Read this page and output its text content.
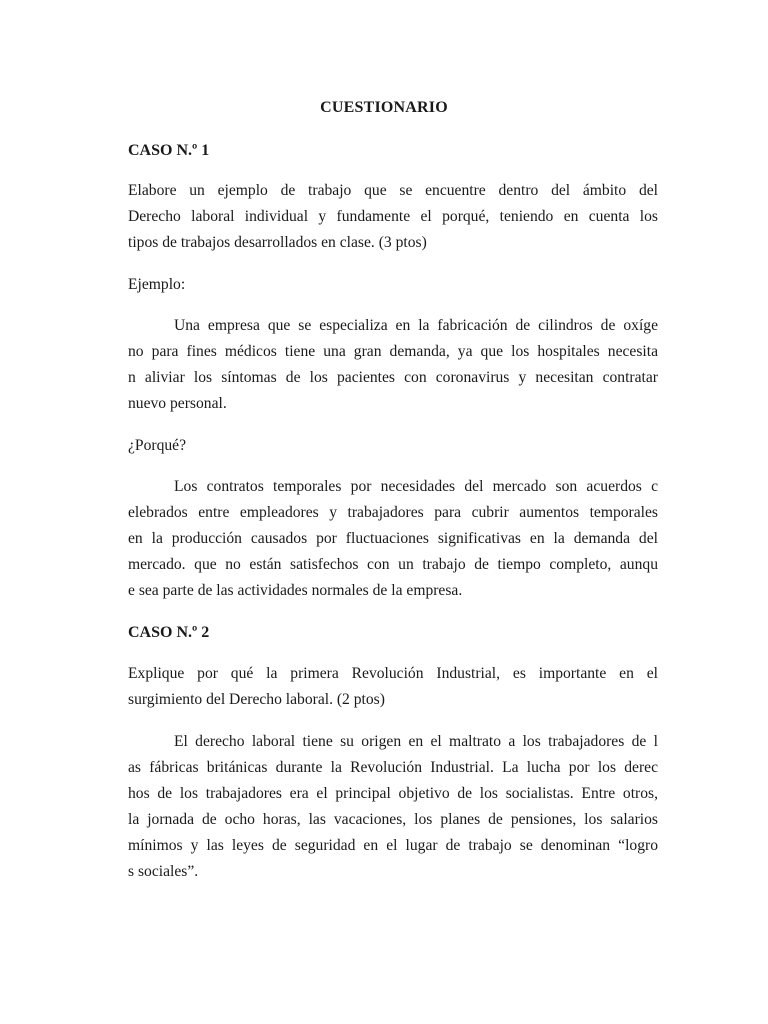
CUESTIONARIO
CASO N.º 1
Elabore un ejemplo de trabajo que se encuentre dentro del ámbito del
Derecho laboral individual y fundamente el porqué, teniendo en cuenta los
tipos de trabajos desarrollados en clase. (3 ptos)
Ejemplo:
Una empresa que se especializa en la fabricación de cilindros de oxíge
no para fines médicos tiene una gran demanda, ya que los hospitales necesita
n aliviar los síntomas de los pacientes con coronavirus y necesitan contratar
nuevo personal.
¿Porqué?
Los contratos temporales por necesidades del mercado son acuerdos c
elebrados entre empleadores y trabajadores para cubrir aumentos temporales
en la producción causados por fluctuaciones significativas en la demanda del
mercado. que no están satisfechos con un trabajo de tiempo completo, aunqu
e sea parte de las actividades normales de la empresa.
CASO N.º 2
Explique por qué la primera Revolución Industrial, es importante en el
surgimiento del Derecho laboral. (2 ptos)
El derecho laboral tiene su origen en el maltrato a los trabajadores de l
as fábricas británicas durante la Revolución Industrial. La lucha por los derec
hos de los trabajadores era el principal objetivo de los socialistas. Entre otros,
la jornada de ocho horas, las vacaciones, los planes de pensiones, los salarios
mínimos y las leyes de seguridad en el lugar de trabajo se denominan “logro
s sociales”.
